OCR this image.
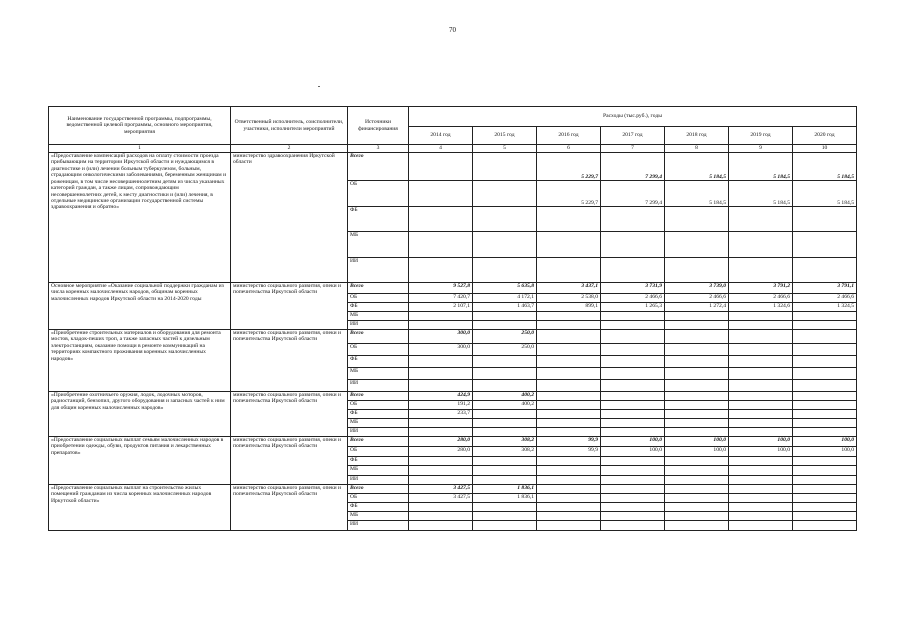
70
Наименование государственной программы, подпрограммы, ведомственной целевой программы, основного мероприятия, мероприятия	Ответственный исполнитель, соисполнители, участники, исполнители мероприятий	Источники финансирования	Расходы (тыс.руб.), годы						
			2014 год	2015 год	2016 год	2017 год	2018 год	2019 год	2020 год
1	2	3	4	5	6	7	8	9	10
«Предоставление компенсаций расходов на оплату стоимости проезда прибывающим на территории Иркутской области и нуждающимся в диагностике и (или) лечении больным туберкулезом, больным, страдающим онкологическими заболеваниями, беременным женщинам и роженицам, в том числе несовершеннолетним детям из числа указанных категорий граждан, а также лицам, сопровождающим несовершеннолетних детей, к месту диагностики и (или) лечения, в отдельные медицинские организации государственной системы здравоохранения и обратно»	министерство здравоохранения Иркутской области	Всего			5 229,7	7 299,4	5 184,5	5 184,5	5 184,5
		ОБ			5 229,7	7 299,4	5 184,5	5 184,5	5 184,5
		ФБ							
		МБ							
		ИИ							
Основное мероприятие «Оказание социальной поддержки гражданам из числа коренных малочисленных народов, общинам коренных малочисленных народов Иркутской области на 2014-2020 годы	министерство социального развития, опеки и попечительства Иркутской области	Всего	9 527,8	5 635,8	3 437,1	3 731,9	3 739,0	3 791,2	3 791,1
		ОБ	7 420,7	4 172,1	2 538,0	2 466,6	2 466,6	2 466,6	2 466,6
		ФБ	2 107,1	1 463,7	899,1	1 265,3	1 272,4	1 324,6	1 324,5
		МБ							
		ИИ							
«Приобретение строительных материалов и оборудования для ремонта мостов, кладок-пеших троп, а также запасных частей к дизельным электростанциям, оказание помощи в ремонте коммуникаций на территориях компактного проживания коренных малочисленных народов»	министерство социального развития, опеки и попечительства Иркутской области	Всего	300,0	250,0					
		ОБ	300,0	250,0					
		ФБ							
		МБ							
		ИИ							
«Приобретение охотничьего оружия, лодок, лодочных моторов, радиостанций, бензопил, другого оборудования и запасных частей к ним для общин коренных малочисленных народов»	министерство социального развития, опеки и попечительства Иркутской области	Всего	424,9	400,2					
		ОБ	191,2	400,2					
		ФБ	233,7						
		МБ							
		ИИ							
«Предоставление социальных выплат семьям малочисленных народов в приобретении одежды, обуви, продуктов питания и лекарственных препаратов»	министерство социального развития, опеки и попечительства Иркутской области	Всего	280,0	308,2	99,9	100,0	100,0	100,0	100,0
		ОБ	280,0	308,2	99,9	100,0	100,0	100,0	100,0
		ФБ							
		МБ							
		ИИ							
«Предоставление социальных выплат на строительство жилых помещений гражданам из числа коренных малочисленных народов Иркутской области»	министерство социального развития, опеки и попечительства Иркутской области	Всего	3 427,5	1 836,1					
		ОБ	3 427,5	1 836,1					
		ФБ							
		МБ							
		ИИ							
